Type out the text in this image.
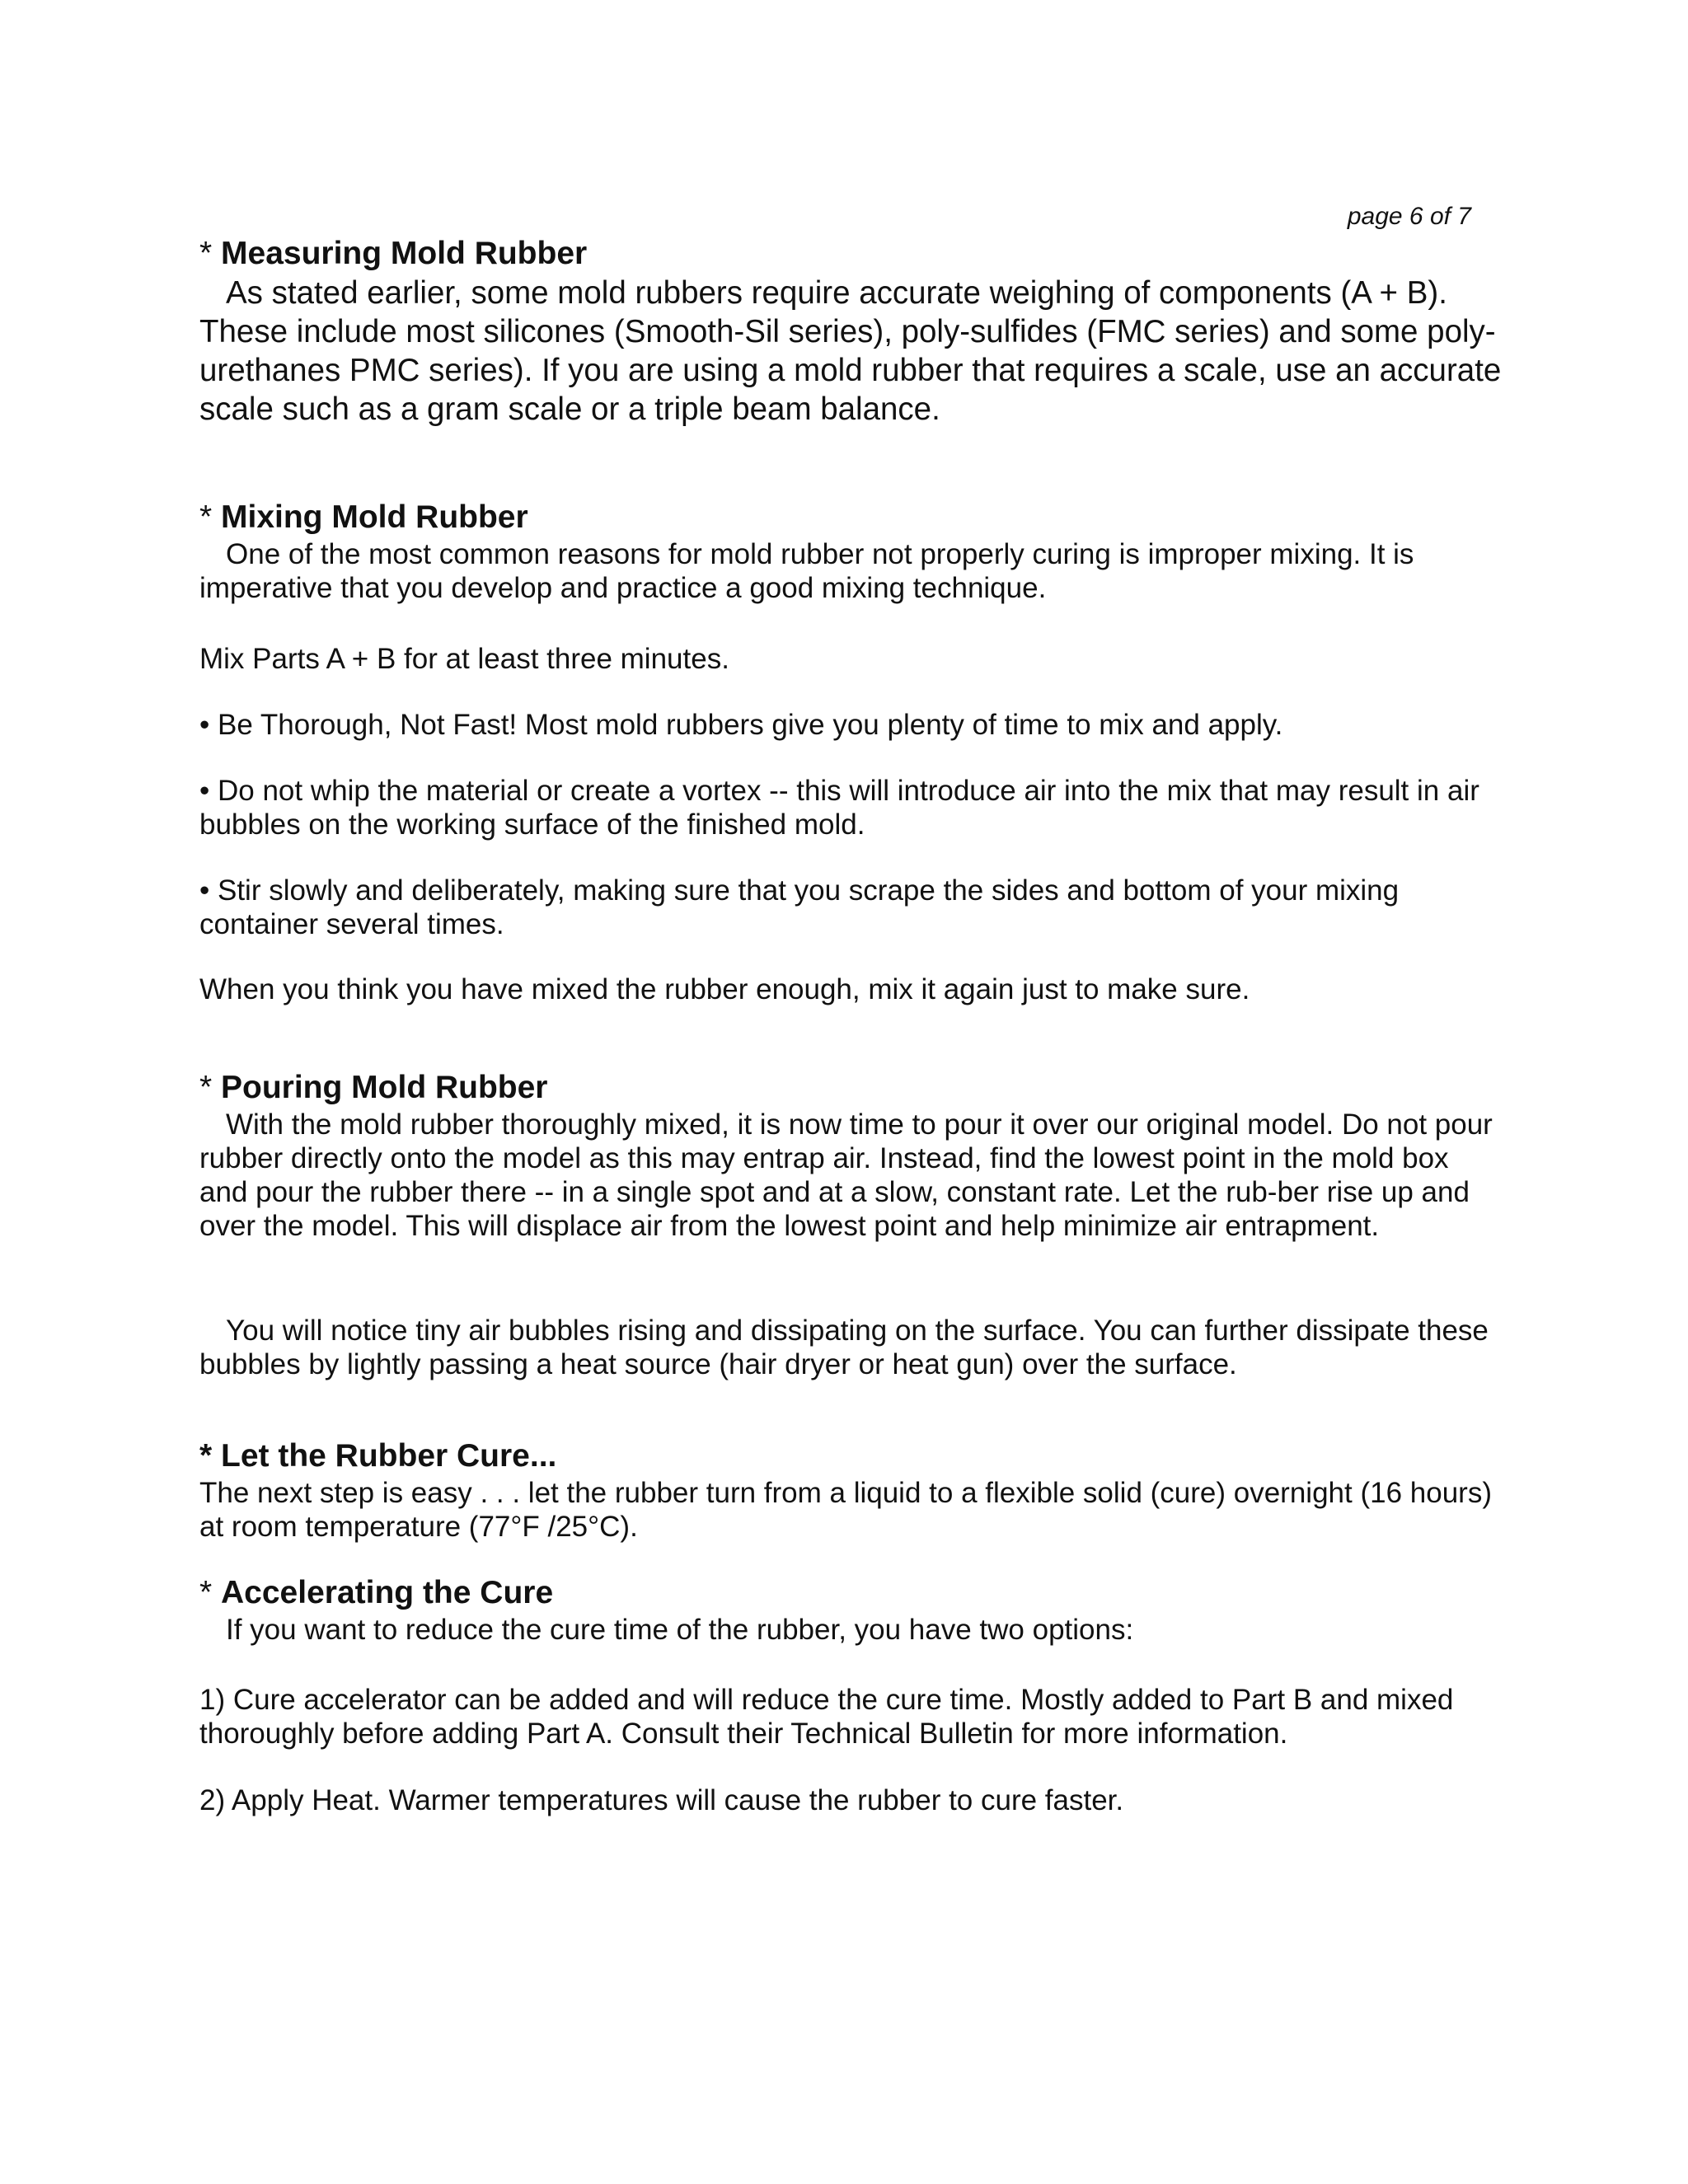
page 6 of 7
* Measuring Mold Rubber

As stated earlier, some mold rubbers require accurate weighing of components (A + B). These include most silicones (Smooth-Sil series), poly-sulfides (FMC series) and some poly-urethanes PMC series). If you are using a mold rubber that requires a scale, use an accurate scale such as a gram scale or a triple beam balance.

* Mixing Mold Rubber

One of the most common reasons for mold rubber not properly curing is improper mixing. It is imperative that you develop and practice a good mixing technique.

Mix Parts A + B for at least three minutes.

• Be Thorough, Not Fast! Most mold rubbers give you plenty of time to mix and apply.

• Do not whip the material or create a vortex -- this will introduce air into the mix that may result in air bubbles on the working surface of the finished mold.

• Stir slowly and deliberately, making sure that you scrape the sides and bottom of your mixing container several times.

When you think you have mixed the rubber enough, mix it again just to make sure.

* Pouring Mold Rubber

With the mold rubber thoroughly mixed, it is now time to pour it over our original model. Do not pour rubber directly onto the model as this may entrap air. Instead, find the lowest point in the mold box and pour the rubber there -- in a single spot and at a slow, constant rate. Let the rub-ber rise up and over the model. This will displace air from the lowest point and help minimize air entrapment.

You will notice tiny air bubbles rising and dissipating on the surface. You can further dissipate these bubbles by lightly passing a heat source (hair dryer or heat gun) over the surface.

* Let the Rubber Cure...

The next step is easy . . . let the rubber turn from a liquid to a flexible solid (cure) overnight (16 hours) at room temperature (77°F /25°C).

* Accelerating the Cure

If you want to reduce the cure time of the rubber, you have two options:

1) Cure accelerator can be added and will reduce the cure time. Mostly added to Part B and mixed thoroughly before adding Part A. Consult their Technical Bulletin for more information.

2) Apply Heat. Warmer temperatures will cause the rubber to cure faster.
